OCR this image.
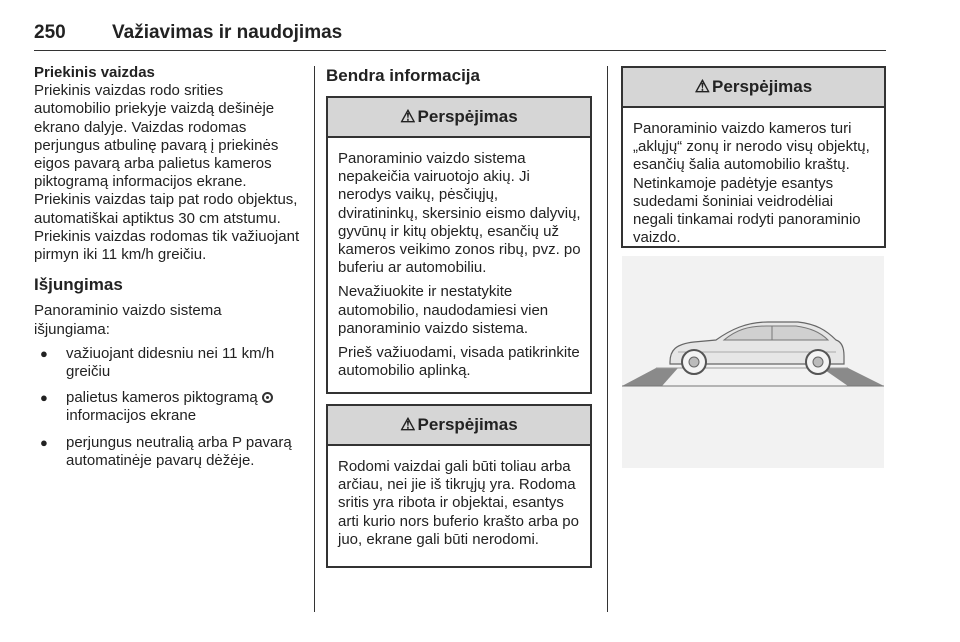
250 Važiavimas ir naudojimas
Priekinis vaizdas

Priekinis vaizdas rodo srities automobilio priekyje vaizdą dešinėje ekrano dalyje. Vaizdas rodomas perjungus atbulinę pavarą į priekinės eigos pavarą arba palietus kameros piktogramą informacijos ekrane. Priekinis vaizdas taip pat rodo objektus, automatiškai aptiktus 30 cm atstumu. Priekinis vaizdas rodomas tik važiuojant pirmyn iki 11 km/h greičiu.

Išjungimas

Panoraminio vaizdo sistema išjungiama:

● važiuojant didesniu nei 11 km/h greičiu
● palietus kameros piktogramą  informacijos ekrane
● perjungus neutralią arba P pavarą automatinėje pavarų dėžėje.
Bendra informacija
⚠ Perspėjimas

Panoraminio vaizdo sistema nepakeičia vairuotojo akių. Ji nerodys vaikų, pėsčiųjų, dviratininkų, skersinio eismo dalyvių, gyvūnų ir kitų objektų, esančių už kameros veikimo zonos ribų, pvz. po buferiu ar automobiliu.

Nevažiuokite ir nestatykite automobilio, naudodamiesi vien panoraminio vaizdo sistema.

Prieš važiuodami, visada patikrinkite automobilio aplinką.

⚠ Perspėjimas

Rodomi vaizdai gali būti toliau arba arčiau, nei jie iš tikrųjų yra. Rodoma sritis yra ribota ir objektai, esantys arti kurio nors buferio krašto arba po juo, ekrane gali būti nerodomi.

⚠ Perspėjimas

Panoraminio vaizdo kameros turi „aklųjų“ zonų ir nerodo visų objektų, esančių šalia automobilio kraštų. Netinkamoje padėtyje esantys sudedami šoniniai veidrodėliai negali tinkamai rodyti panoraminio vaizdo.
